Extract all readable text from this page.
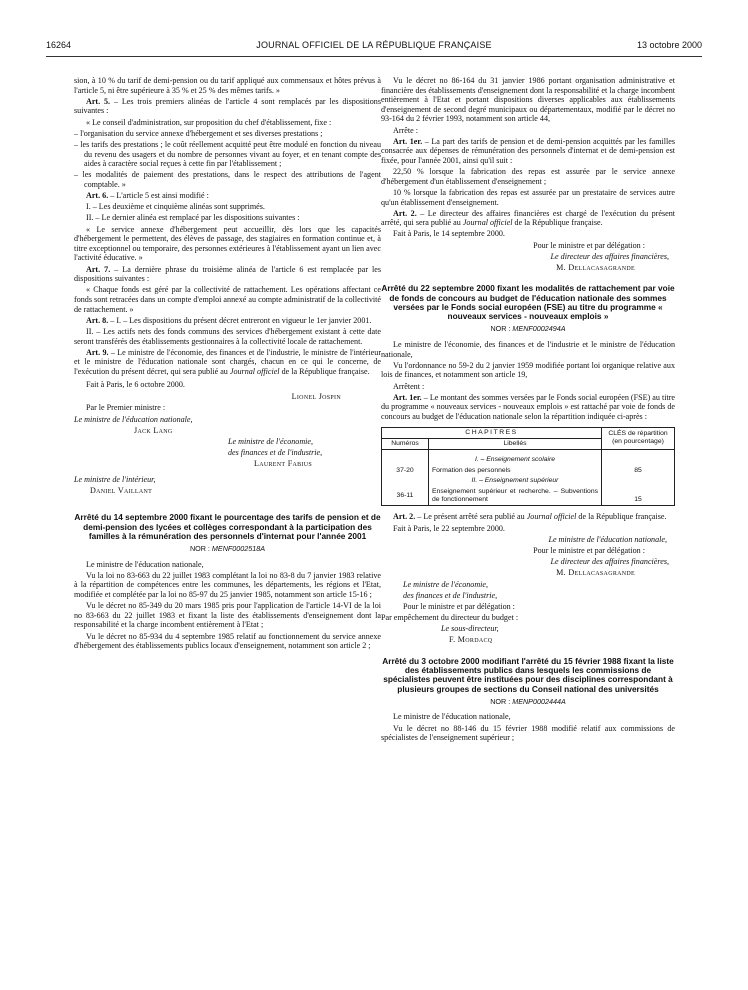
16264	JOURNAL OFFICIEL DE LA RÉPUBLIQUE FRANÇAISE	13 octobre 2000

sion, à 10 % du tarif de demi-pension ou du tarif appliqué aux commensaux et hôtes prévus à l'article 5, ni être supérieure à 35 % et 25 % des mêmes tarifs. »

Art. 5. – Les trois premiers alinéas de l'article 4 sont remplacés par les dispositions suivantes :

« Le conseil d'administration, sur proposition du chef d'établissement, fixe :

– l'organisation du service annexe d'hébergement et ses diverses prestations ;

– les tarifs des prestations ; le coût réellement acquitté peut être modulé en fonction du niveau du revenu des usagers et du nombre de personnes vivant au foyer, et en tenant compte des aides à caractère social reçues à cette fin par l'établissement ;

– les modalités de paiement des prestations, dans le respect des attributions de l'agent comptable. »

Art. 6. – L'article 5 est ainsi modifié :

I. – Les deuxième et cinquième alinéas sont supprimés.

II. – Le dernier alinéa est remplacé par les dispositions suivantes :

« Le service annexe d'hébergement peut accueillir, dès lors que les capacités d'hébergement le permettent, des élèves de passage, des stagiaires en formation continue et, à titre exceptionnel ou temporaire, des personnes extérieures à l'établissement ayant un lien avec l'activité éducative. »

Art. 7. – La dernière phrase du troisième alinéa de l'article 6 est remplacée par les dispositions suivantes :

« Chaque fonds est géré par la collectivité de rattachement. Les opérations affectant ce fonds sont retracées dans un compte d'emploi annexé au compte administratif de la collectivité de rattachement. »

Art. 8. – I. – Les dispositions du présent décret entreront en vigueur le 1er janvier 2001.

II. – Les actifs nets des fonds communs des services d'hébergement existant à cette date seront transférés des établissements gestionnaires à la collectivité locale de rattachement.

Art. 9. – Le ministre de l'économie, des finances et de l'industrie, le ministre de l'intérieur et le ministre de l'éducation nationale sont chargés, chacun en ce qui le concerne, de l'exécution du présent décret, qui sera publié au Journal officiel de la République française.

Fait à Paris, le 6 octobre 2000.

Lionel Jospin

Par le Premier ministre :

Le ministre de l'éducation nationale,

Jack Lang

Le ministre de l'économie,

des finances et de l'industrie,

Laurent Fabius

Le ministre de l'intérieur,

Daniel Vaillant

Arrêté du 14 septembre 2000 fixant le pourcentage des tarifs de pension et de demi-pension des lycées et collèges correspondant à la participation des familles à la rémunération des personnels d'internat pour l'année 2001

NOR : MENF0002518A

Le ministre de l'éducation nationale,

Vu la loi no 83-663 du 22 juillet 1983 complétant la loi no 83-8 du 7 janvier 1983 relative à la répartition de compétences entre les communes, les départements, les régions et l'Etat, modifiée et complétée par la loi no 85-97 du 25 janvier 1985, notamment son article 15-16 ;

Vu le décret no 85-349 du 20 mars 1985 pris pour l'application de l'article 14-VI de la loi no 83-663 du 22 juillet 1983 et fixant la liste des établissements d'enseignement dont la responsabilité et la charge incombent entièrement à l'Etat ;

Vu le décret no 85-934 du 4 septembre 1985 relatif au fonctionnement du service annexe d'hébergement des établissements publics locaux d'enseignement, notamment son article 2 ;

Vu le décret no 86-164 du 31 janvier 1986 portant organisation administrative et financière des établissements d'enseignement dont la responsabilité et la charge incombent entièrement à l'Etat et portant dispositions diverses applicables aux établissements d'enseignement de second degré municipaux ou départementaux, modifié par le décret no 93-164 du 2 février 1993, notamment son article 44,

Arrête :

Art. 1er. – La part des tarifs de pension et de demi-pension acquittés par les familles consacrée aux dépenses de rémunération des personnels d'internat et de demi-pension est fixée, pour l'année 2001, ainsi qu'il suit :

22,50 % lorsque la fabrication des repas est assurée par le service annexe d'hébergement d'un établissement d'enseignement ;

10 % lorsque la fabrication des repas est assurée par un prestataire de services autre qu'un établissement d'enseignement.

Art. 2. – Le directeur des affaires financières est chargé de l'exécution du présent arrêté, qui sera publié au Journal officiel de la République française.

Fait à Paris, le 14 septembre 2000.

Pour le ministre et par délégation :

Le directeur des affaires financières,

M. Dellacasagrande

Arrêté du 22 septembre 2000 fixant les modalités de rattachement par voie de fonds de concours au budget de l'éducation nationale des sommes versées par le Fonds social européen (FSE) au titre du programme « nouveaux services - nouveaux emplois »

NOR : MENF0002494A

Le ministre de l'économie, des finances et de l'industrie et le ministre de l'éducation nationale,

Vu l'ordonnance no 59-2 du 2 janvier 1959 modifiée portant loi organique relative aux lois de finances, et notamment son article 19,

Arrêtent :

Art. 1er. – Le montant des sommes versées par le Fonds social européen (FSE) au titre du programme « nouveaux services - nouveaux emplois » est rattaché par voie de fonds de concours au budget de l'éducation nationale selon la répartition indiquée ci-après :

CHAPITRES		CLÉS de répartition (en pourcentage)
Numéros	Libellés	
	I. – Enseignement scolaire	
37-20	Formation des personnels	85
	II. – Enseignement supérieur	
36-11	Enseignement supérieur et recherche. – Subventions de fonctionnement	15

Art. 2. – Le présent arrêté sera publié au Journal officiel de la République française.

Fait à Paris, le 22 septembre 2000.

Le ministre de l'éducation nationale,

Pour le ministre et par délégation :

Le directeur des affaires financières,

M. Dellacasagrande

Le ministre de l'économie,

des finances et de l'industrie,

Pour le ministre et par délégation :

Par empêchement du directeur du budget :

Le sous-directeur,

F. Mordacq

Arrêté du 3 octobre 2000 modifiant l'arrêté du 15 février 1988 fixant la liste des établissements publics dans lesquels les commissions de spécialistes peuvent être instituées pour des disciplines correspondant à plusieurs groupes de sections du Conseil national des universités

NOR : MENP0002444A

Le ministre de l'éducation nationale,

Vu le décret no 88-146 du 15 février 1988 modifié relatif aux commissions de spécialistes de l'enseignement supérieur ;
